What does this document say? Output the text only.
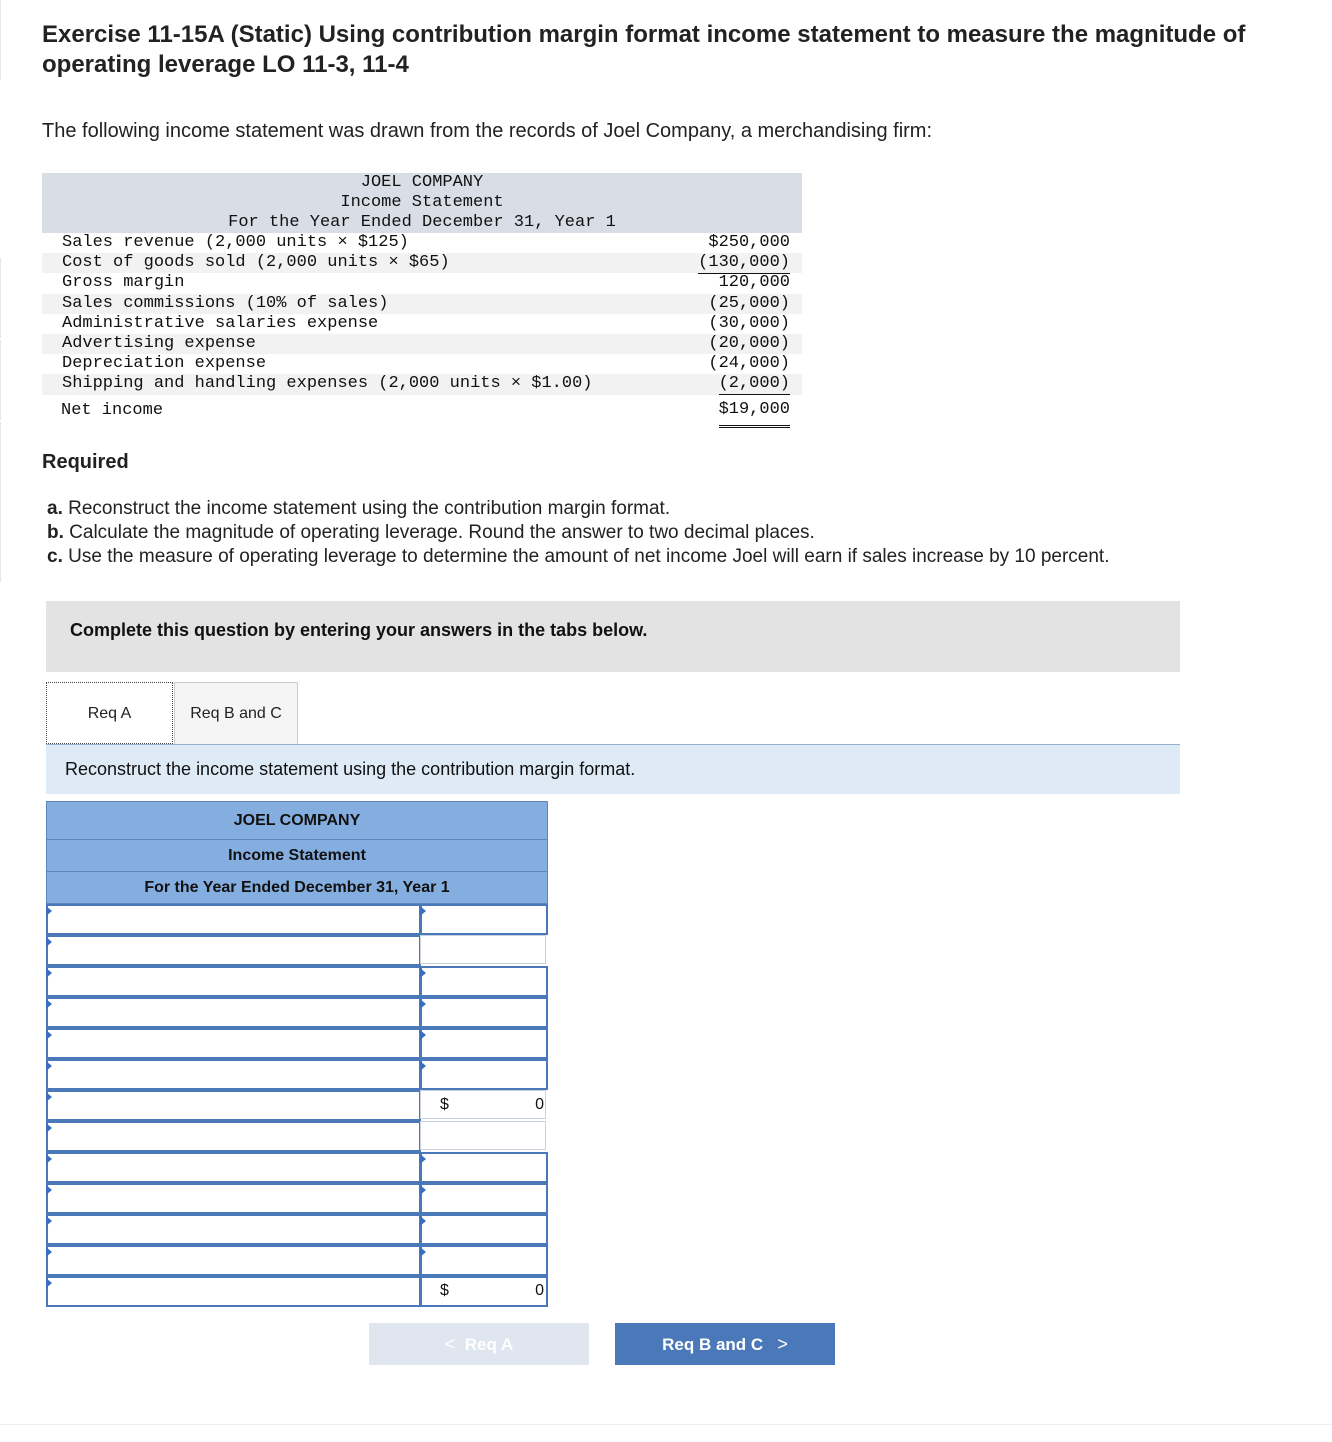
Exercise 11-15A (Static) Using contribution margin format income statement to measure the magnitude of operating leverage LO 11-3, 11-4
The following income statement was drawn from the records of Joel Company, a merchandising firm:
JOEL COMPANY
Income Statement
For the Year Ended December 31, Year 1
Sales revenue (2,000 units × $125)	$250,000
Cost of goods sold (2,000 units × $65)	(130,000)
Gross margin	120,000
Sales commissions (10% of sales)	(25,000)
Administrative salaries expense	(30,000)
Advertising expense	(20,000)
Depreciation expense	(24,000)
Shipping and handling expenses (2,000 units × $1.00)	(2,000)
Net income	$19,000
Required
a. Reconstruct the income statement using the contribution margin format.
b. Calculate the magnitude of operating leverage. Round the answer to two decimal places.
c. Use the measure of operating leverage to determine the amount of net income Joel will earn if sales increase by 10 percent.
Complete this question by entering your answers in the tabs below.
Req A	Req B and C
Reconstruct the income statement using the contribution margin format.
JOEL COMPANY
Income Statement
For the Year Ended December 31, Year 1
$	0
$	0
< Req A	Req B and C >
